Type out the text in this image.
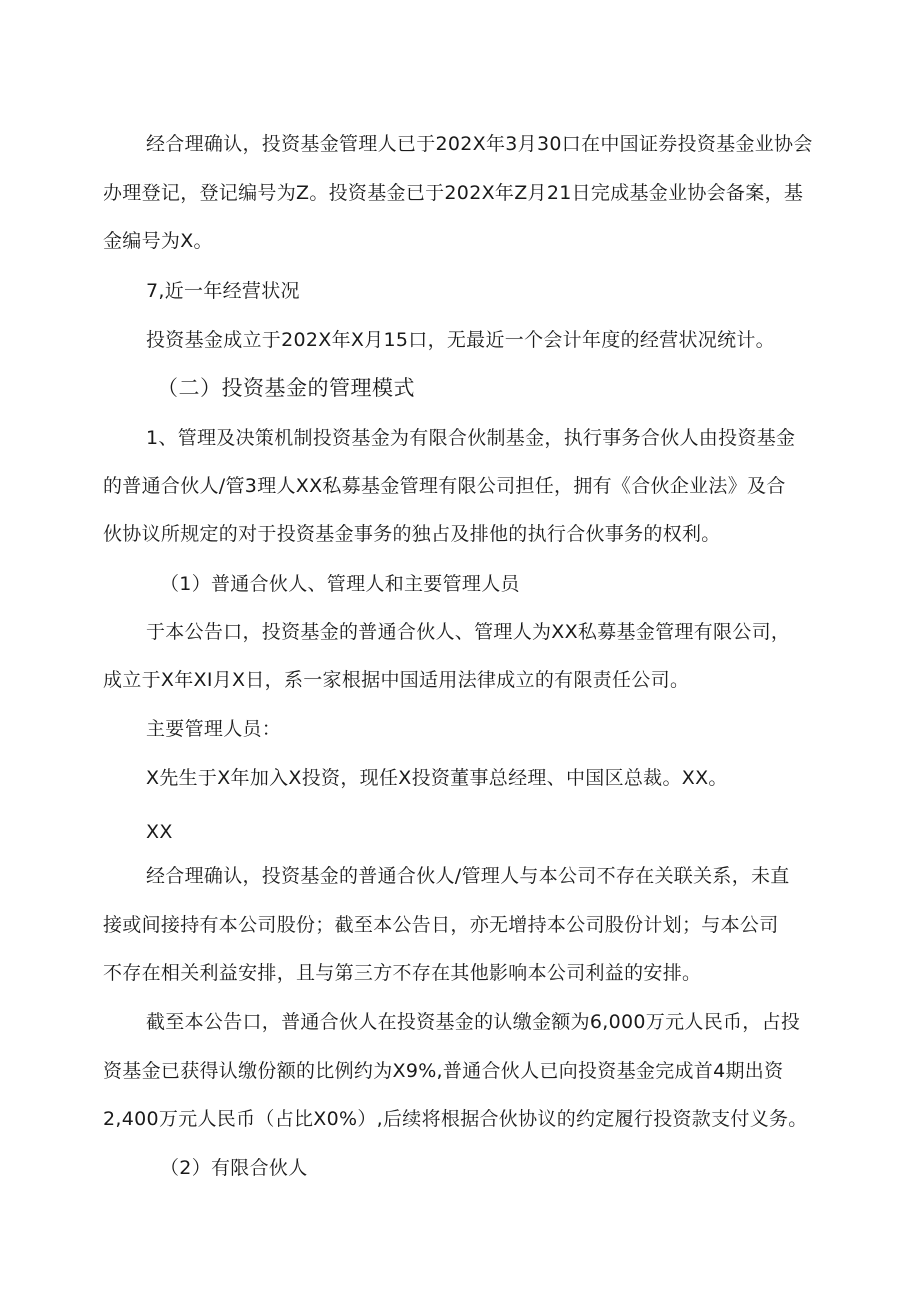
经合理确认，投资基金管理人已于202X年3月30口在中国证券投资基金业协会
办理登记，登记编号为Z。投资基金已于202X年Z月21日完成基金业协会备案，基
金编号为X。
7,近一年经营状况
投资基金成立于202X年X月15口，无最近一个会计年度的经营状况统计。
（二）投资基金的管理模式
1、管理及决策机制投资基金为有限合伙制基金，执行事务合伙人由投资基金
的普通合伙人/管3理人XX私募基金管理有限公司担任，拥有《合伙企业法》及合
伙协议所规定的对于投资基金事务的独占及排他的执行合伙事务的权利。
（1）普通合伙人、管理人和主要管理人员
于本公告口，投资基金的普通合伙人、管理人为XX私募基金管理有限公司，
成立于X年XI月X日，系一家根据中国适用法律成立的有限责任公司。
主要管理人员：
X先生于X年加入X投资，现任X投资董事总经理、中国区总裁。XX。
XX
经合理确认，投资基金的普通合伙人/管理人与本公司不存在关联关系，未直
接或间接持有本公司股份；截至本公告日，亦无增持本公司股份计划；与本公司
不存在相关利益安排，且与第三方不存在其他影响本公司利益的安排。
截至本公告口，普通合伙人在投资基金的认缴金额为6,000万元人民币，占投
资基金已获得认缴份额的比例约为X9%,普通合伙人已向投资基金完成首4期出资
2,400万元人民币（占比X0%）,后续将根据合伙协议的约定履行投资款支付义务。
（2）有限合伙人
